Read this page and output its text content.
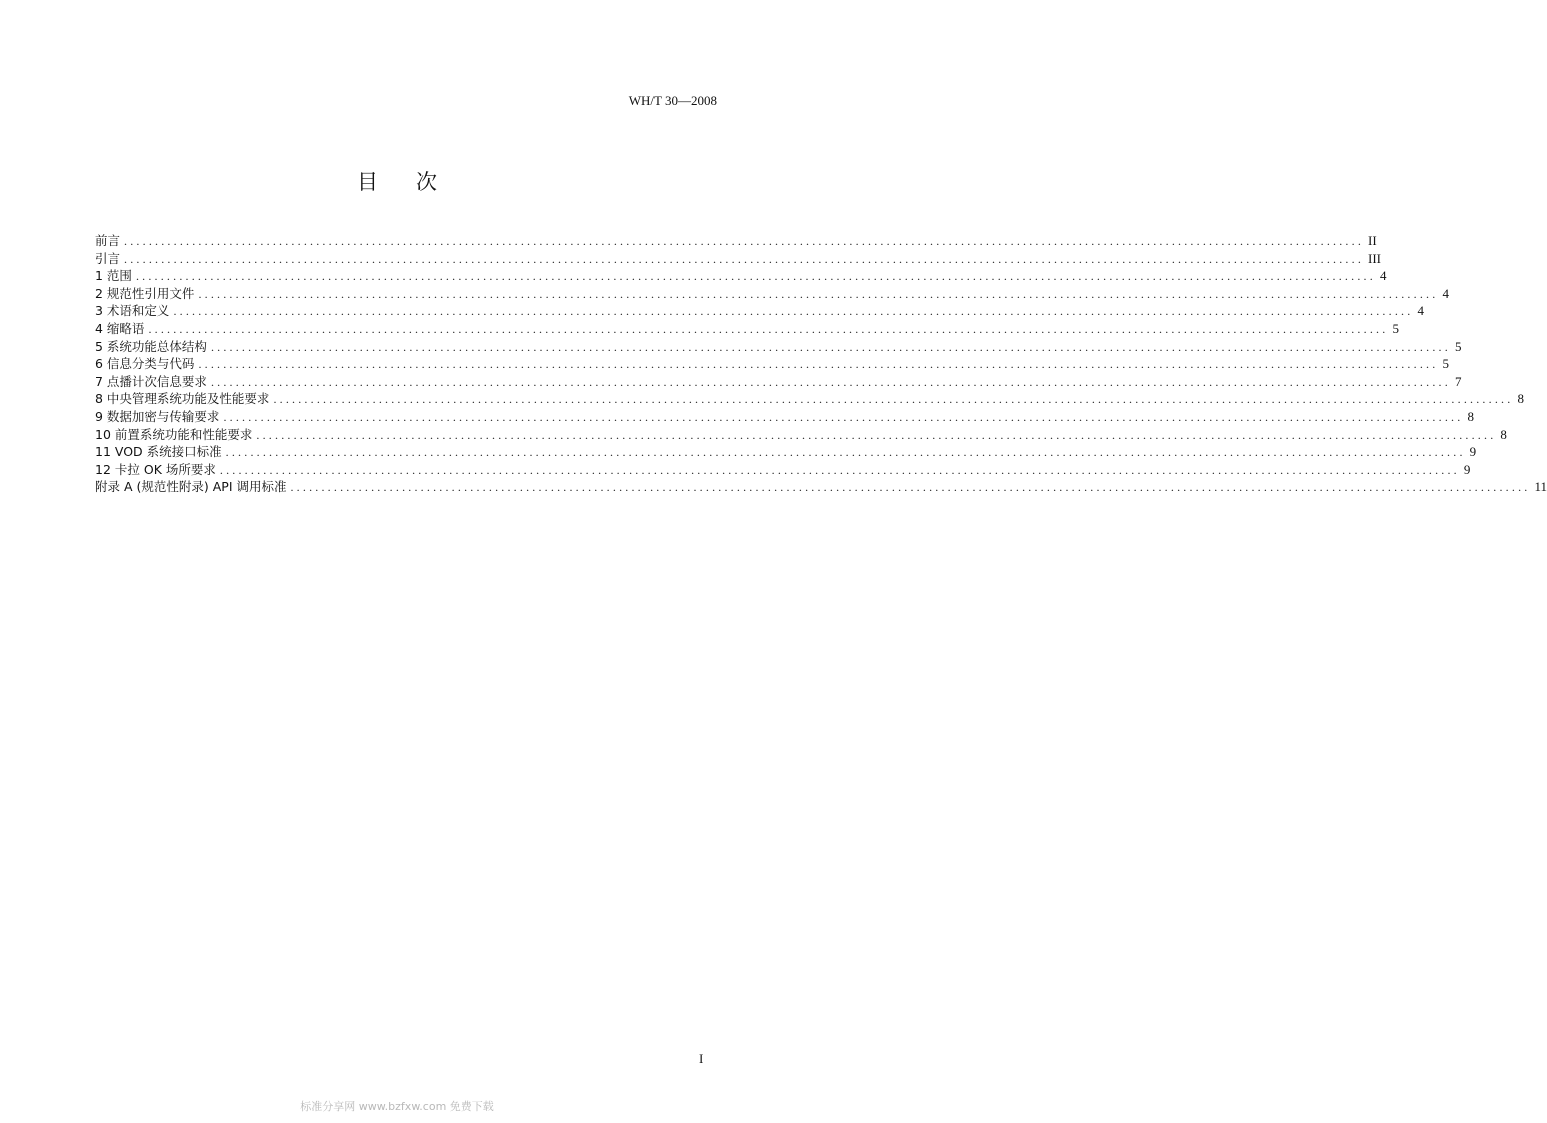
WH/T 30—2008
目次
前言 ........................................................................................................................................................................................................ II
引言 ........................................................................................................................................................................................................ III
1 范围 ........................................................................................................................................................................................................ 4
2 规范性引用文件 ........................................................................................................................................................................................................ 4
3 术语和定义 ........................................................................................................................................................................................................ 4
4 缩略语 ........................................................................................................................................................................................................ 5
5 系统功能总体结构 ........................................................................................................................................................................................................ 5
6 信息分类与代码 ........................................................................................................................................................................................................ 5
7 点播计次信息要求 ........................................................................................................................................................................................................ 7
8 中央管理系统功能及性能要求 ........................................................................................................................................................................................................ 8
9 数据加密与传输要求 ........................................................................................................................................................................................................ 8
10 前置系统功能和性能要求 ........................................................................................................................................................................................................ 8
11 VOD 系统接口标准 ........................................................................................................................................................................................................ 9
12 卡拉 OK 场所要求 ........................................................................................................................................................................................................ 9
附录 A (规范性附录) API 调用标准 ........................................................................................................................................................................................................ 11
I
标准分享网 www.bzfxw.com 免费下载
